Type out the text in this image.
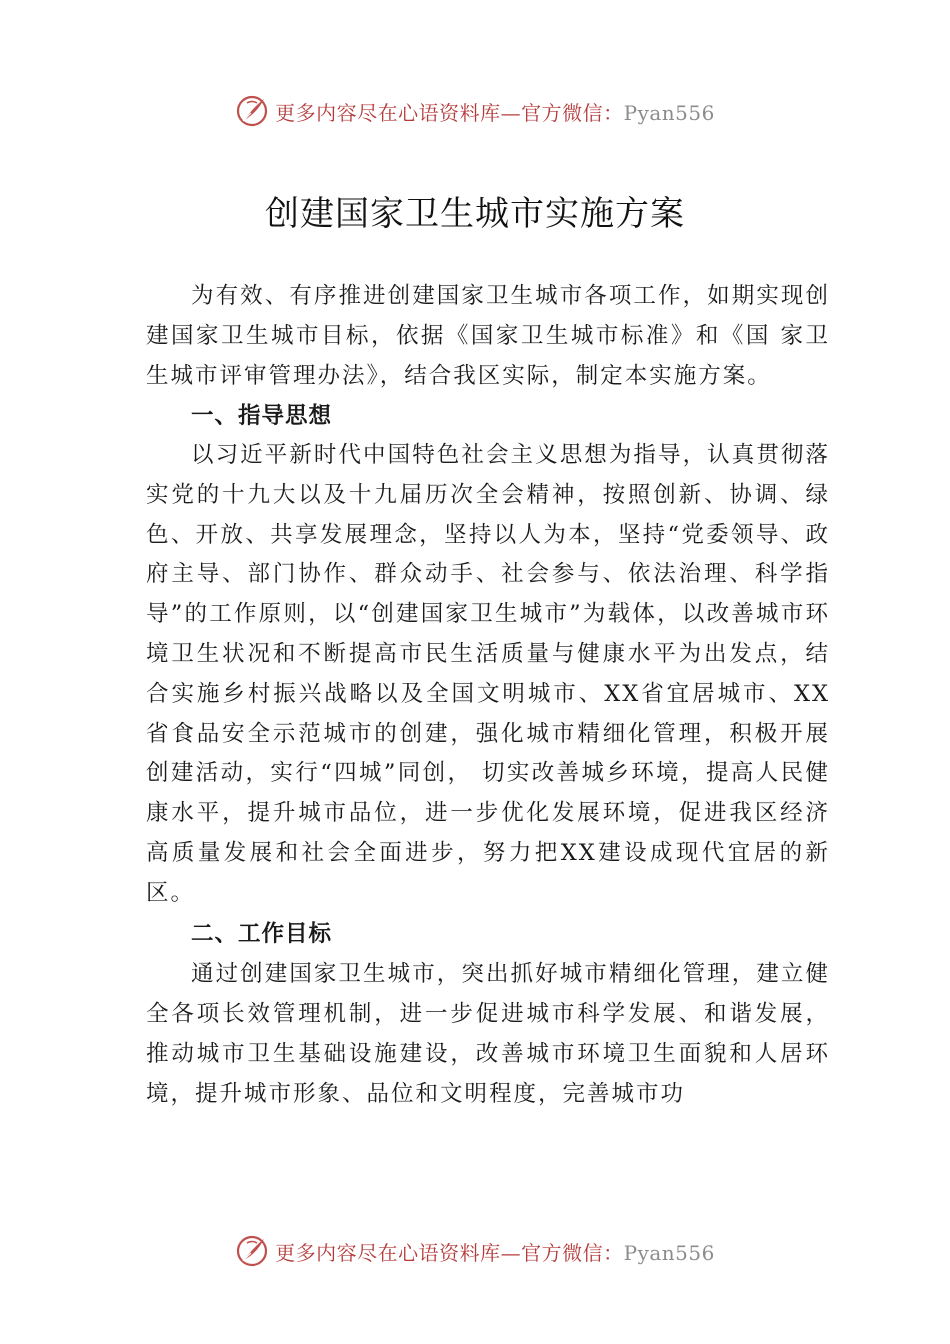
更多内容尽在心语资料库—官方微信：Pyan556
创建国家卫生城市实施方案

为有效、有序推进创建国家卫生城市各项工作，如期实现创建国家卫生城市目标，依据《国家卫生城市标准》和《国 家卫生城市评审管理办法》，结合我区实际，制定本实施方案。

一、指导思想

以习近平新时代中国特色社会主义思想为指导，认真贯彻落实党的十九大以及十九届历次全会精神，按照创新、协调、绿色、开放、共享发展理念，坚持以人为本，坚持“党委领导、政府主导、部门协作、群众动手、社会参与、依法治理、科学指导”的工作原则，以“创建国家卫生城市”为载体，以改善城市环境卫生状况和不断提高市民生活质量与健康水平为出发点，结合实施乡村振兴战略以及全国文明城市、XX省宜居城市、XX省食品安全示范城市的创建，强化城市精细化管理，积极开展创建活动，实行“四城”同创， 切实改善城乡环境，提高人民健康水平，提升城市品位，进一步优化发展环境，促进我区经济高质量发展和社会全面进步，努力把XX建设成现代宜居的新区。

二、工作目标

通过创建国家卫生城市，突出抓好城市精细化管理，建立健全各项长效管理机制，进一步促进城市科学发展、和谐发展，推动城市卫生基础设施建设，改善城市环境卫生面貌和人居环境，提升城市形象、品位和文明程度，完善城市功

更多内容尽在心语资料库—官方微信：Pyan556
